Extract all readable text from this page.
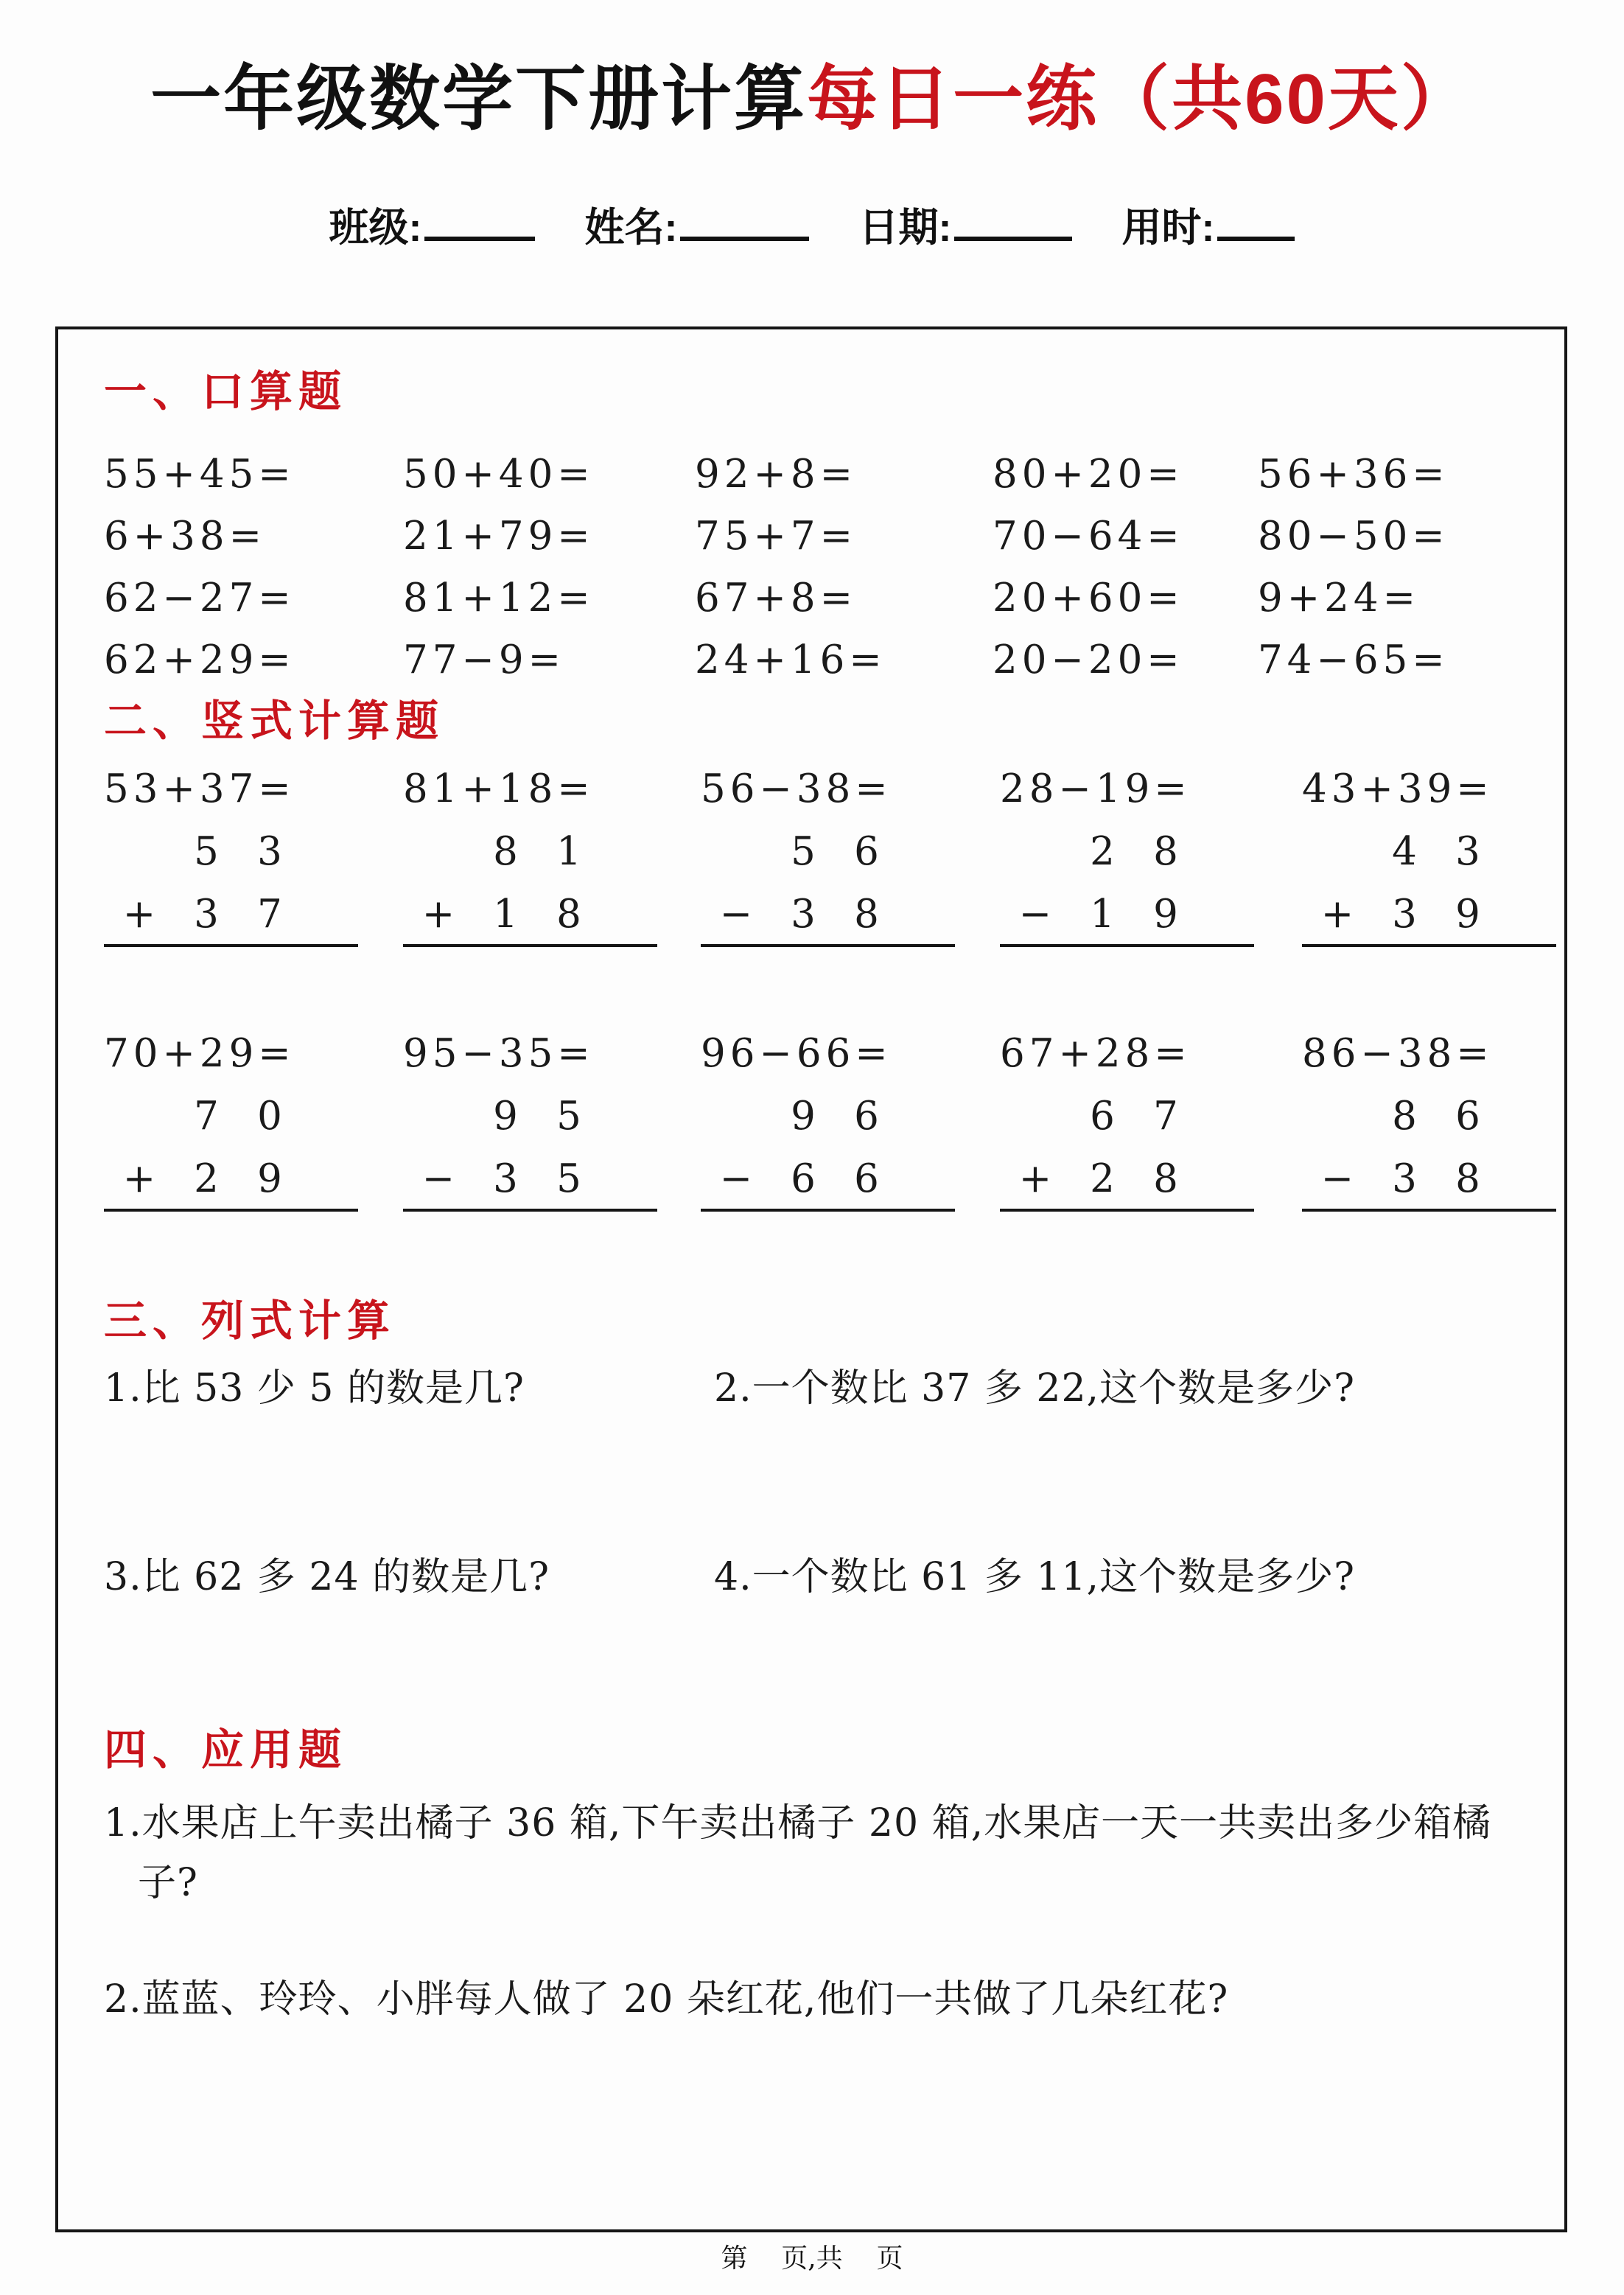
一年级数学下册计算每日一练（共60天）
班级:	姓名:	日期:	用时:
一、口算题
55+45=	50+40=	92+8=	80+20=	56+36=
6+38=	21+79=	75+7=	70−64=	80−50=
62−27=	81+12=	67+8=	20+60=	9+24=
62+29=	77−9=	24+16=	20−20=	74−65=
二、竖式计算题
53+37=
5 3
+ 3 7
81+18=
8 1
+ 1 8
56−38=
5 6
− 3 8
28−19=
2 8
− 1 9
43+39=
4 3
+ 3 9
70+29=
7 0
+ 2 9
95−35=
9 5
− 3 5
96−66=
9 6
− 6 6
67+28=
6 7
+ 2 8
86−38=
8 6
− 3 8
三、列式计算
1.比 53 少 5 的数是几?	2.一个数比 37 多 22,这个数是多少?
3.比 62 多 24 的数是几?	4.一个数比 61 多 11,这个数是多少?
四、应用题

1.水果店上午卖出橘子 36 箱,下午卖出橘子 20 箱,水果店一天一共卖出多少箱橘子?

2.蓝蓝、玲玲、小胖每人做了 20 朵红花,他们一共做了几朵红花?

第    页,共    页
